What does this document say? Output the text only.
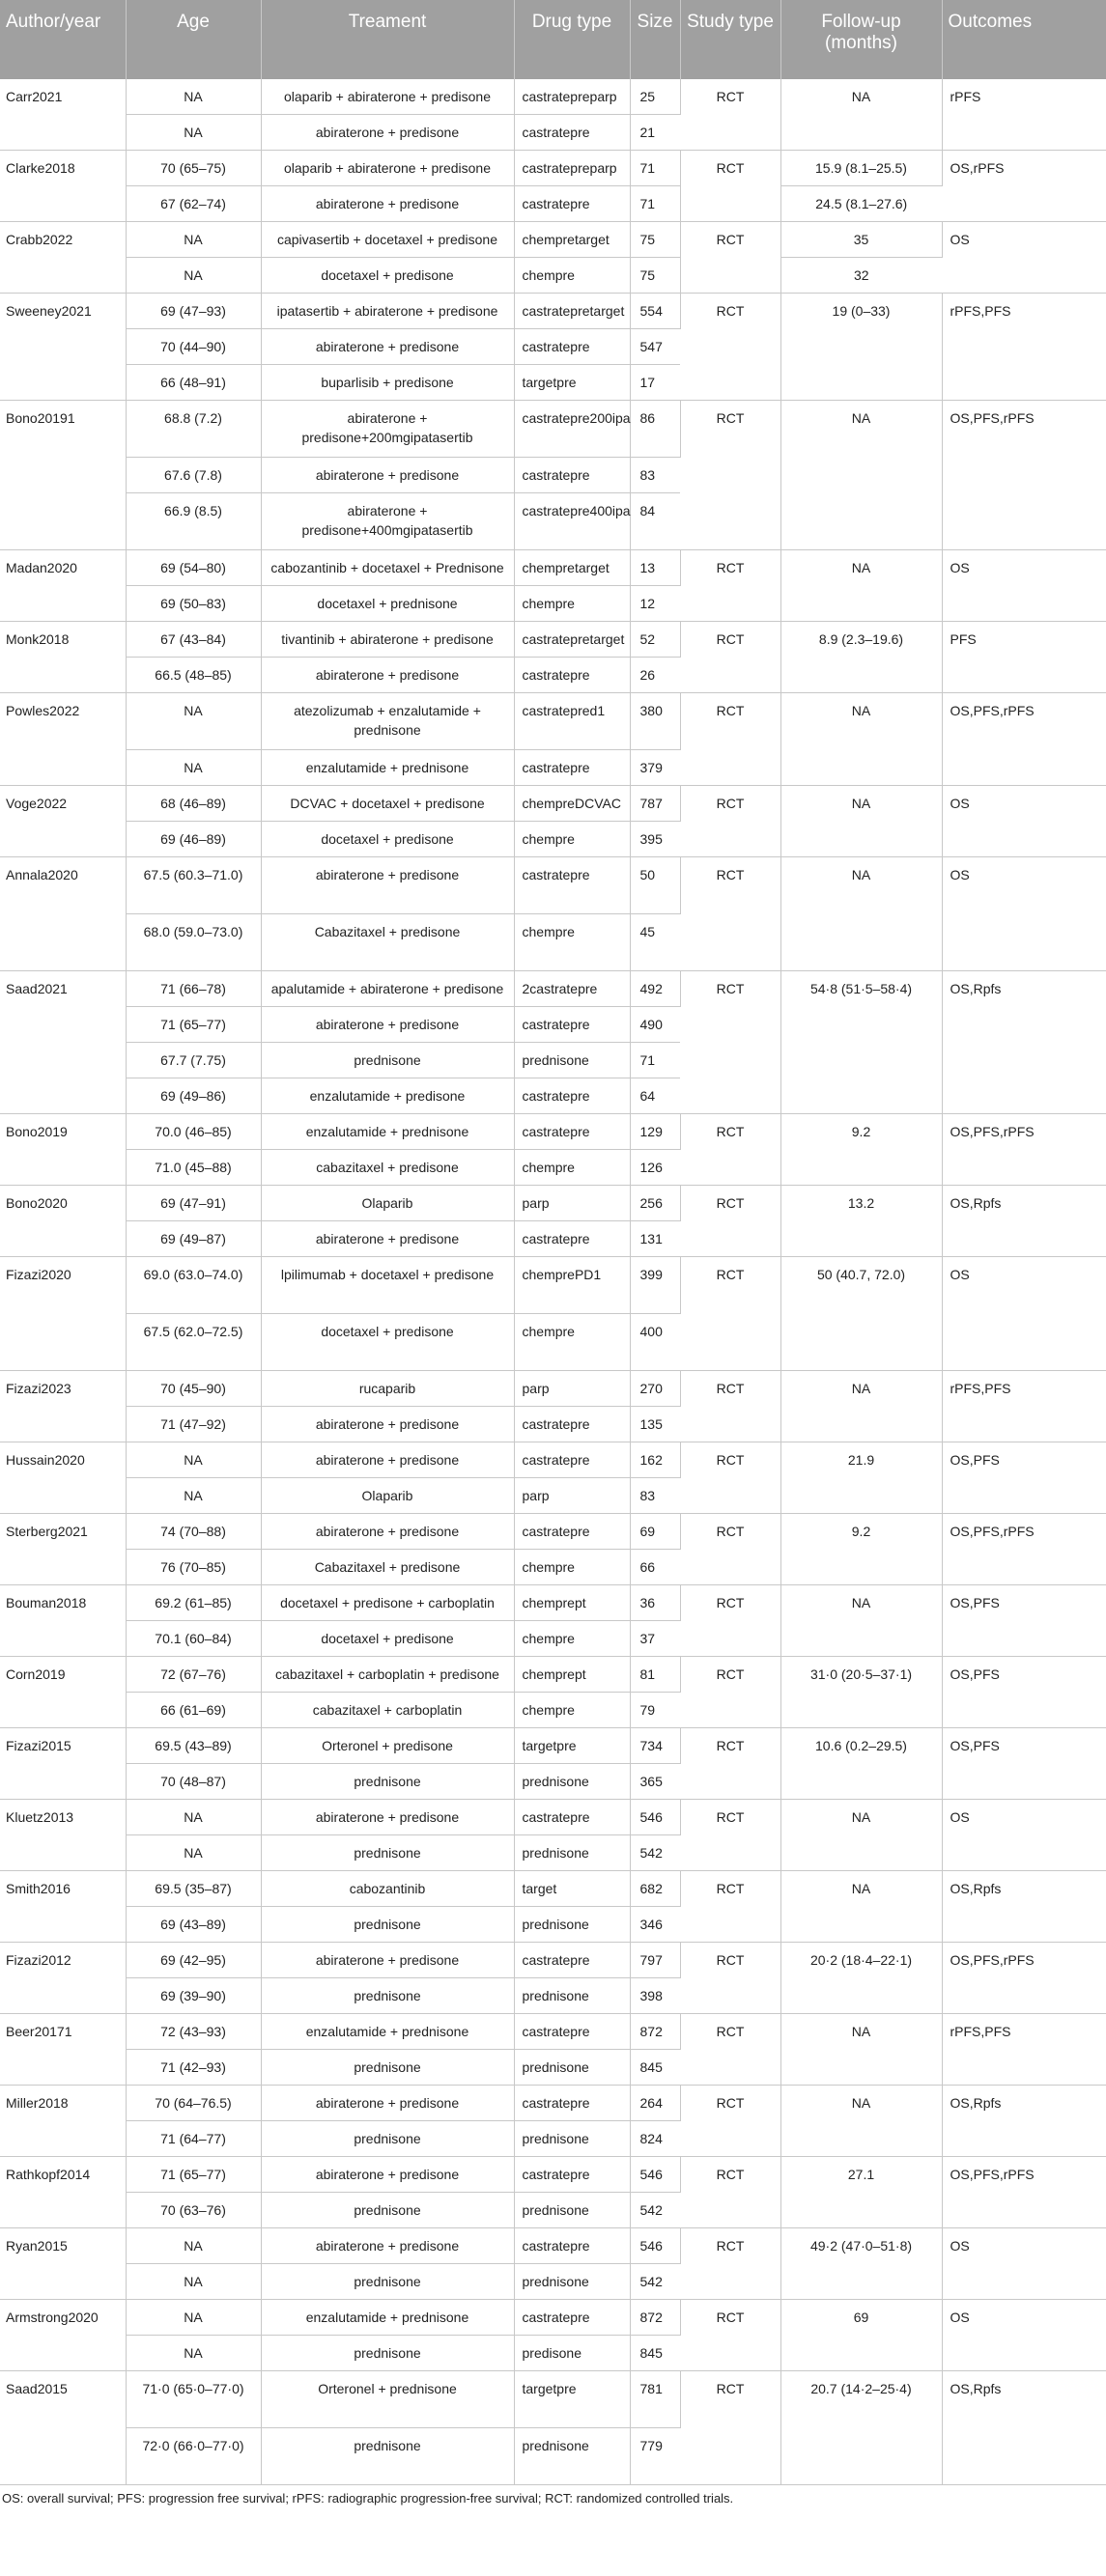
Author/year	Age	Treament	Drug type	Size	Study type	Follow-up (months)	Outcomes
Carr2021	NA	olaparib + abiraterone + predisone	castratepreparp	25	RCT	NA	rPFS
	NA	abiraterone + predisone	castratepre	21			
Clarke2018	70 (65–75)	olaparib + abiraterone + predisone	castratepreparp	71	RCT	15.9 (8.1–25.5)	OS,rPFS
	67 (62–74)	abiraterone + predisone	castratepre	71		24.5 (8.1–27.6)	
Crabb2022	NA	capivasertib + docetaxel + predisone	chempretarget	75	RCT	35	OS
	NA	docetaxel + predisone	chempre	75		32	
Sweeney2021	69 (47–93)	ipatasertib + abiraterone + predisone	castratepretarget	554	RCT	19 (0–33)	rPFS,PFS
	70 (44–90)	abiraterone + predisone	castratepre	547			
	66 (48–91)	buparlisib + predisone	targetpre	17			
Bono20191	68.8 (7.2)	abiraterone + predisone+200mgipatasertib	castratepre200ipa	86	RCT	NA	OS,PFS,rPFS
	67.6 (7.8)	abiraterone + predisone	castratepre	83			
	66.9 (8.5)	abiraterone + predisone+400mgipatasertib	castratepre400ipa	84			
Madan2020	69 (54–80)	cabozantinib + docetaxel + Prednisone	chempretarget	13	RCT	NA	OS
	69 (50–83)	docetaxel + prednisone	chempre	12			
Monk2018	67 (43–84)	tivantinib + abiraterone + predisone	castratepretarget	52	RCT	8.9 (2.3–19.6)	PFS
	66.5 (48–85)	abiraterone + predisone	castratepre	26			
Powles2022	NA	atezolizumab + enzalutamide + prednisone	castratepred1	380	RCT	NA	OS,PFS,rPFS
	NA	enzalutamide + prednisone	castratepre	379			
Voge2022	68 (46–89)	DCVAC + docetaxel + predisone	chempreDCVAC	787	RCT	NA	OS
	69 (46–89)	docetaxel + predisone	chempre	395			
Annala2020	67.5 (60.3–71.0)	abiraterone + predisone	castratepre	50	RCT	NA	OS
	68.0 (59.0–73.0)	Cabazitaxel + predisone	chempre	45			
Saad2021	71 (66–78)	apalutamide + abiraterone + predisone	2castratepre	492	RCT	54·8 (51·5–58·4)	OS,Rpfs
	71 (65–77)	abiraterone + predisone	castratepre	490			
	67.7 (7.75)	prednisone	prednisone	71			
	69 (49–86)	enzalutamide + predisone	castratepre	64			
Bono2019	70.0 (46–85)	enzalutamide + prednisone	castratepre	129	RCT	9.2	OS,PFS,rPFS
	71.0 (45–88)	cabazitaxel + predisone	chempre	126			
Bono2020	69 (47–91)	Olaparib	parp	256	RCT	13.2	OS,Rpfs
	69 (49–87)	abiraterone + predisone	castratepre	131			
Fizazi2020	69.0 (63.0–74.0)	lpilimumab + docetaxel + predisone	chemprePD1	399	RCT	50 (40.7, 72.0)	OS
	67.5 (62.0–72.5)	docetaxel + predisone	chempre	400			
Fizazi2023	70 (45–90)	rucaparib	parp	270	RCT	NA	rPFS,PFS
	71 (47–92)	abiraterone + predisone	castratepre	135			
Hussain2020	NA	abiraterone + predisone	castratepre	162	RCT	21.9	OS,PFS
	NA	Olaparib	parp	83			
Sterberg2021	74 (70–88)	abiraterone + predisone	castratepre	69	RCT	9.2	OS,PFS,rPFS
	76 (70–85)	Cabazitaxel + predisone	chempre	66			
Bouman2018	69.2 (61–85)	docetaxel + predisone + carboplatin	chemprept	36	RCT	NA	OS,PFS
	70.1 (60–84)	docetaxel + predisone	chempre	37			
Corn2019	72 (67–76)	cabazitaxel + carboplatin + predisone	chemprept	81	RCT	31·0 (20·5–37·1)	OS,PFS
	66 (61–69)	cabazitaxel + carboplatin	chempre	79			
Fizazi2015	69.5 (43–89)	Orteronel + predisone	targetpre	734	RCT	10.6 (0.2–29.5)	OS,PFS
	70 (48–87)	prednisone	prednisone	365			
Kluetz2013	NA	abiraterone + predisone	castratepre	546	RCT	NA	OS
	NA	prednisone	prednisone	542			
Smith2016	69.5 (35–87)	cabozantinib	target	682	RCT	NA	OS,Rpfs
	69 (43–89)	prednisone	prednisone	346			
Fizazi2012	69 (42–95)	abiraterone + predisone	castratepre	797	RCT	20·2 (18·4–22·1)	OS,PFS,rPFS
	69 (39–90)	prednisone	prednisone	398			
Beer20171	72 (43–93)	enzalutamide + prednisone	castratepre	872	RCT	NA	rPFS,PFS
	71 (42–93)	prednisone	prednisone	845			
Miller2018	70 (64–76.5)	abiraterone + predisone	castratepre	264	RCT	NA	OS,Rpfs
	71 (64–77)	prednisone	prednisone	824			
Rathkopf2014	71 (65–77)	abiraterone + predisone	castratepre	546	RCT	27.1	OS,PFS,rPFS
	70 (63–76)	prednisone	prednisone	542			
Ryan2015	NA	abiraterone + predisone	castratepre	546	RCT	49·2 (47·0–51·8)	OS
	NA	prednisone	prednisone	542			
Armstrong2020	NA	enzalutamide + prednisone	castratepre	872	RCT	69	OS
	NA	prednisone	predisone	845			
Saad2015	71·0 (65·0–77·0)	Orteronel + prednisone	targetpre	781	RCT	20.7 (14·2–25·4)	OS,Rpfs
	72·0 (66·0–77·0)	prednisone	prednisone	779			
OS: overall survival; PFS: progression free survival; rPFS: radiographic progression-free survival; RCT: randomized controlled trials.
